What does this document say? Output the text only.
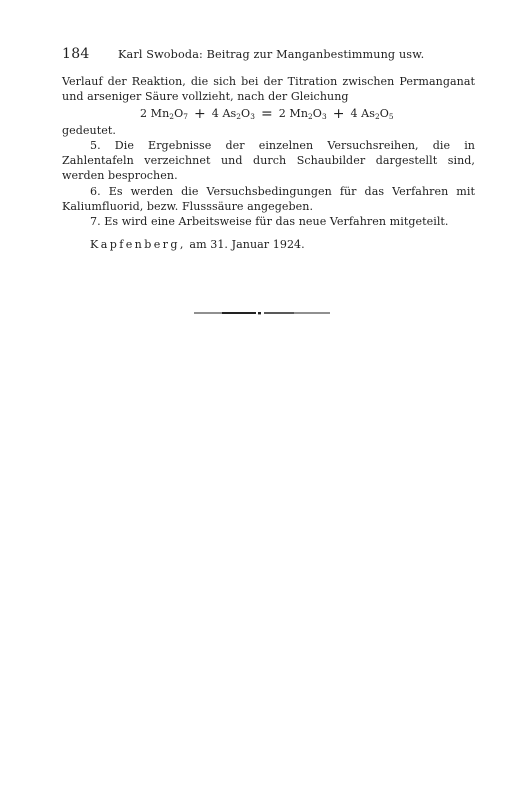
184	Karl Swoboda: Beitrag zur Manganbestimmung usw.

Verlauf der Reaktion, die sich bei der Titration zwischen Permanganat und arseniger Säure vollzieht, nach der Gleichung

2 $Mn_2O_7 + 4$ $As_2O_3 = 2$ $Mn_2O_3 + 4$ $As_2O_5$

gedeutet.

5. Die Ergebnisse der einzelnen Versuchsreihen, die in Zahlentafeln verzeichnet und durch Schaubilder dargestellt sind, werden besprochen.

6. Es werden die Versuchsbedingungen für das Verfahren mit Kaliumfluorid, bezw. Flusssäure angegeben.

7. Es wird eine Arbeitsweise für das neue Verfahren mitgeteilt.

Kapfenberg, am 31. Januar 1924.
